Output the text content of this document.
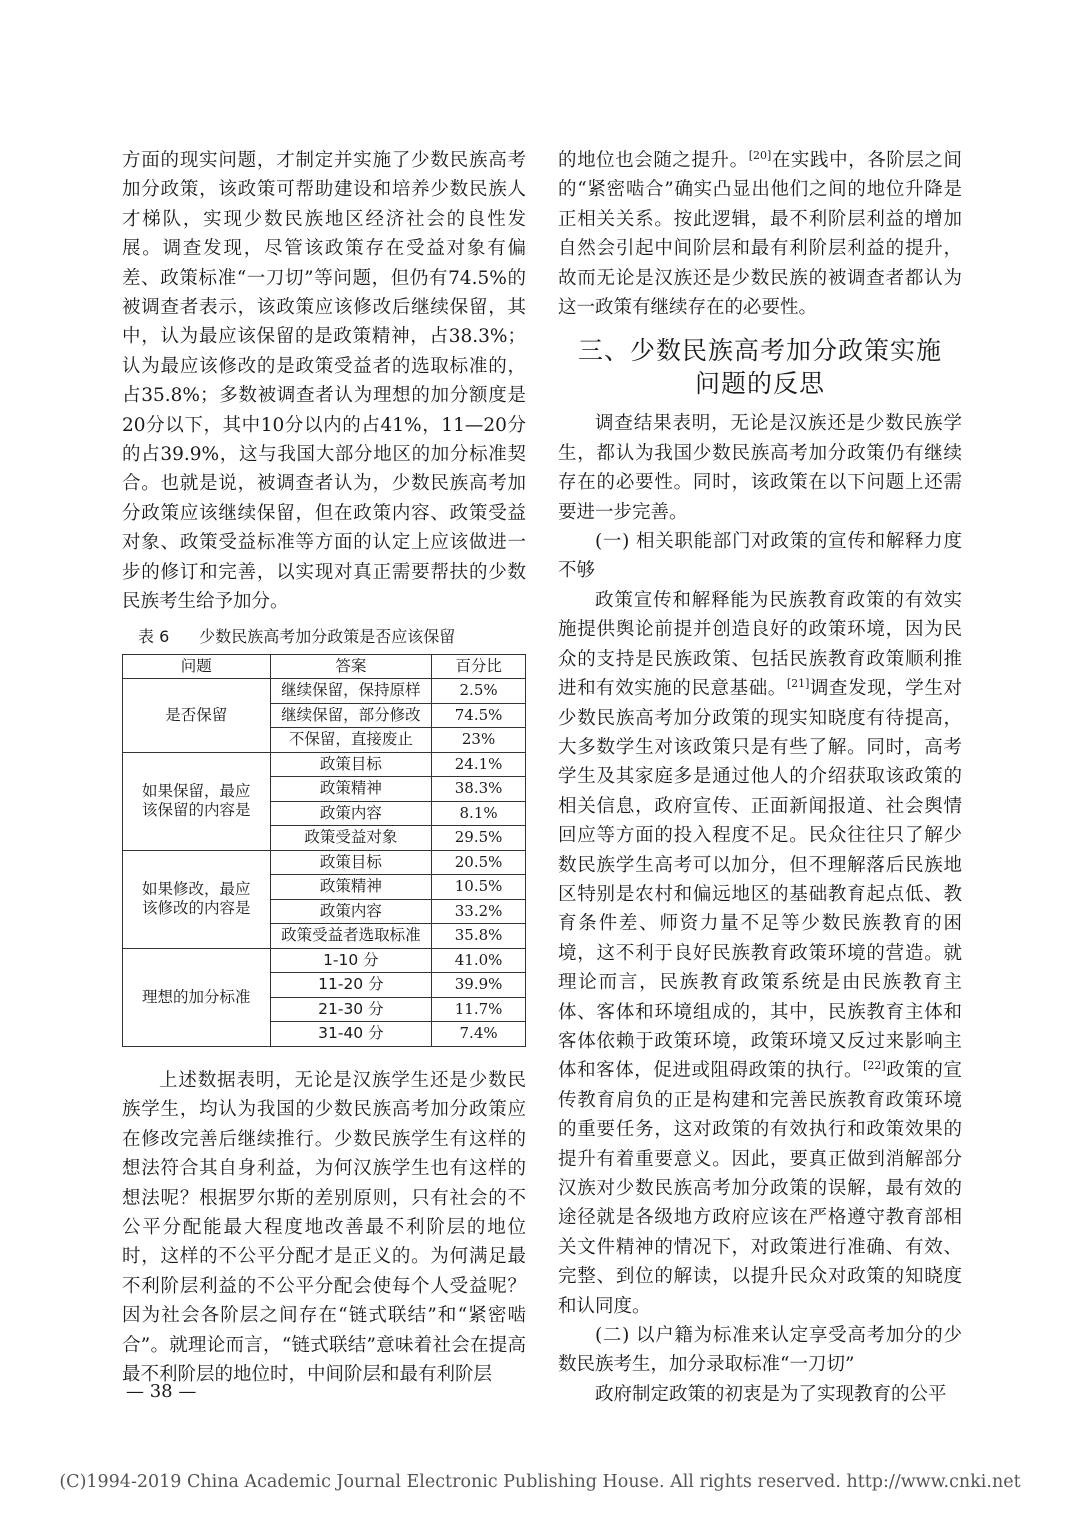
方面的现实问题，才制定并实施了少数民族高考加分政策，该政策可帮助建设和培养少数民族人才梯队，实现少数民族地区经济社会的良性发展。调查发现，尽管该政策存在受益对象有偏差、政策标准“一刀切”等问题，但仍有74.5%的被调查者表示，该政策应该修改后继续保留，其中，认为最应该保留的是政策精神，占38.3%；认为最应该修改的是政策受益者的选取标准的，占35.8%；多数被调查者认为理想的加分额度是20分以下，其中10分以内的占41%，11—20分的占39.9%，这与我国大部分地区的加分标准契合。也就是说，被调查者认为，少数民族高考加分政策应该继续保留，但在政策内容、政策受益对象、政策受益标准等方面的认定上应该做进一步的修订和完善，以实现对真正需要帮扶的少数民族考生给予加分。

表 6 少数民族高考加分政策是否应该保留
问题	答案	百分比
是否保留	继续保留，保持原样	2.5%
	继续保留，部分修改	74.5%
	不保留，直接废止	23%
如果保留，最应
该保留的内容是	政策目标	24.1%
	政策精神	38.3%
	政策内容	8.1%
	政策受益对象	29.5%
如果修改，最应
该修改的内容是	政策目标	20.5%
	政策精神	10.5%
	政策内容	33.2%
	政策受益者选取标准	35.8%
理想的加分标准	1-10 分	41.0%
	11-20 分	39.9%
	21-30 分	11.7%
	31-40 分	7.4%

上述数据表明，无论是汉族学生还是少数民族学生，均认为我国的少数民族高考加分政策应在修改完善后继续推行。少数民族学生有这样的想法符合其自身利益，为何汉族学生也有这样的想法呢？根据罗尔斯的差别原则，只有社会的不公平分配能最大程度地改善最不利阶层的地位时，这样的不公平分配才是正义的。为何满足最不利阶层利益的不公平分配会使每个人受益呢？因为社会各阶层之间存在“链式联结”和“紧密啮合”。就理论而言，“链式联结”意味着社会在提高最不利阶层的地位时，中间阶层和最有利阶层

的地位也会随之提升。[20]在实践中，各阶层之间的“紧密啮合”确实凸显出他们之间的地位升降是正相关关系。按此逻辑，最不利阶层利益的增加自然会引起中间阶层和最有利阶层利益的提升，故而无论是汉族还是少数民族的被调查者都认为这一政策有继续存在的必要性。

三、少数民族高考加分政策实施
问题的反思

调查结果表明，无论是汉族还是少数民族学生，都认为我国少数民族高考加分政策仍有继续存在的必要性。同时，该政策在以下问题上还需要进一步完善。

(一) 相关职能部门对政策的宣传和解释力度不够

政策宣传和解释能为民族教育政策的有效实施提供舆论前提并创造良好的政策环境，因为民众的支持是民族政策、包括民族教育政策顺利推进和有效实施的民意基础。[21]调查发现，学生对少数民族高考加分政策的现实知晓度有待提高，大多数学生对该政策只是有些了解。同时，高考学生及其家庭多是通过他人的介绍获取该政策的相关信息，政府宣传、正面新闻报道、社会舆情回应等方面的投入程度不足。民众往往只了解少数民族学生高考可以加分，但不理解落后民族地区特别是农村和偏远地区的基础教育起点低、教育条件差、师资力量不足等少数民族教育的困境，这不利于良好民族教育政策环境的营造。就理论而言，民族教育政策系统是由民族教育主体、客体和环境组成的，其中，民族教育主体和客体依赖于政策环境，政策环境又反过来影响主体和客体，促进或阻碍政策的执行。[22]政策的宣传教育肩负的正是构建和完善民族教育政策环境的重要任务，这对政策的有效执行和政策效果的提升有着重要意义。因此，要真正做到消解部分汉族对少数民族高考加分政策的误解，最有效的途径就是各级地方政府应该在严格遵守教育部相关文件精神的情况下，对政策进行准确、有效、完整、到位的解读，以提升民众对政策的知晓度和认同度。

(二) 以户籍为标准来认定享受高考加分的少数民族考生，加分录取标准“一刀切”

政府制定政策的初衷是为了实现教育的公平

— 38 —
(C)1994-2019 China Academic Journal Electronic Publishing House. All rights reserved. http://www.cnki.net
